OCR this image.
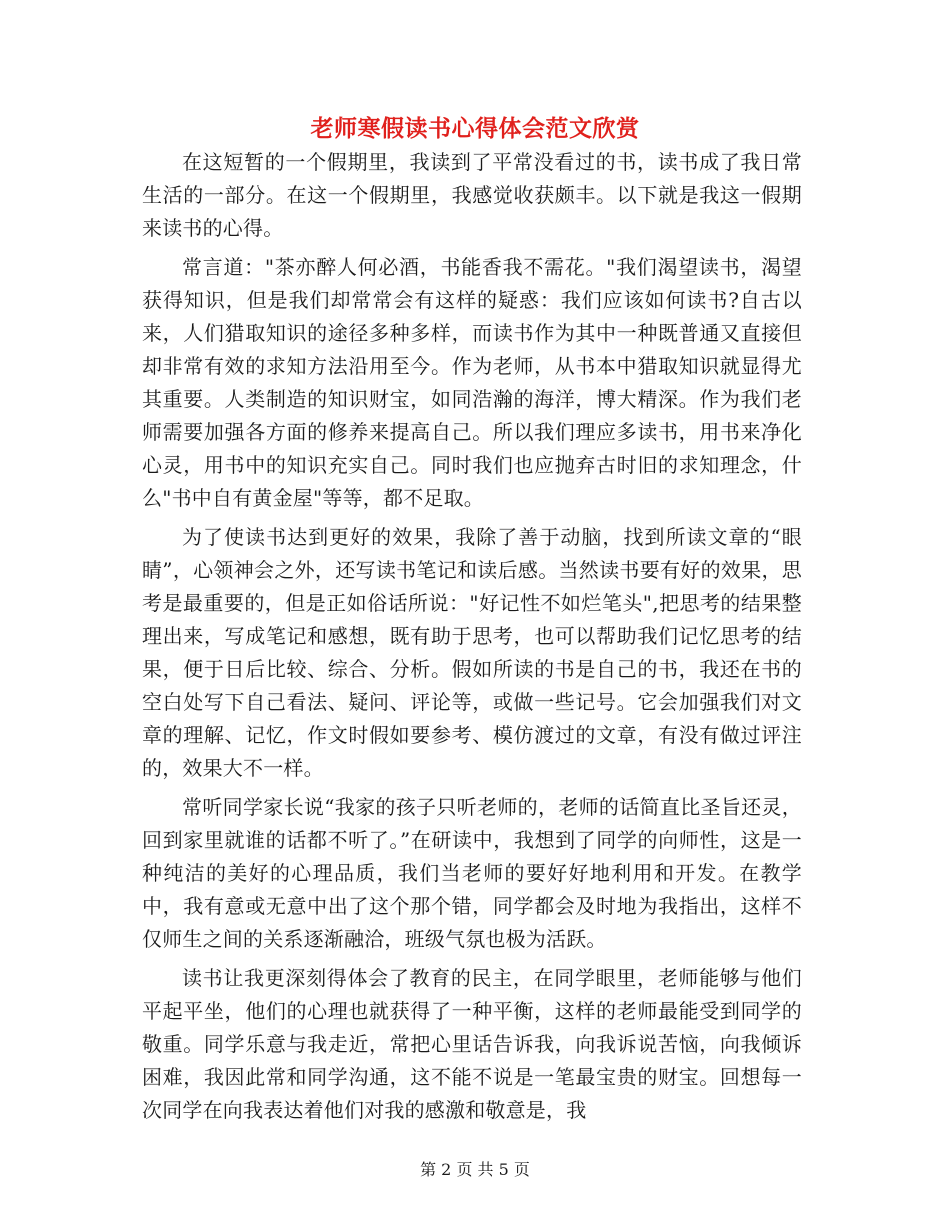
老师寒假读书心得体会范文欣赏

在这短暂的一个假期里，我读到了平常没看过的书，读书成了我日常生活的一部分。在这一个假期里，我感觉收获颇丰。以下就是我这一假期来读书的心得。

常言道："茶亦醉人何必酒，书能香我不需花。"我们渴望读书，渴望获得知识，但是我们却常常会有这样的疑惑：我们应该如何读书?自古以来，人们猎取知识的途径多种多样，而读书作为其中一种既普通又直接但却非常有效的求知方法沿用至今。作为老师，从书本中猎取知识就显得尤其重要。人类制造的知识财宝，如同浩瀚的海洋，博大精深。作为我们老师需要加强各方面的修养来提高自己。所以我们理应多读书，用书来净化心灵，用书中的知识充实自己。同时我们也应抛弃古时旧的求知理念，什么"书中自有黄金屋"等等，都不足取。

为了使读书达到更好的效果，我除了善于动脑，找到所读文章的“眼睛”，心领神会之外，还写读书笔记和读后感。当然读书要有好的效果，思考是最重要的，但是正如俗话所说："好记性不如烂笔头",把思考的结果整理出来，写成笔记和感想，既有助于思考，也可以帮助我们记忆思考的结果，便于日后比较、综合、分析。假如所读的书是自己的书，我还在书的空白处写下自己看法、疑问、评论等，或做一些记号。它会加强我们对文章的理解、记忆，作文时假如要参考、模仿渡过的文章，有没有做过评注的，效果大不一样。

常听同学家长说“我家的孩子只听老师的，老师的话简直比圣旨还灵，回到家里就谁的话都不听了。”在研读中，我想到了同学的向师性，这是一种纯洁的美好的心理品质，我们当老师的要好好地利用和开发。在教学中，我有意或无意中出了这个那个错，同学都会及时地为我指出，这样不仅师生之间的关系逐渐融洽，班级气氛也极为活跃。

读书让我更深刻得体会了教育的民主，在同学眼里，老师能够与他们平起平坐，他们的心理也就获得了一种平衡，这样的老师最能受到同学的敬重。同学乐意与我走近，常把心里话告诉我，向我诉说苦恼，向我倾诉困难，我因此常和同学沟通，这不能不说是一笔最宝贵的财宝。回想每一次同学在向我表达着他们对我的感激和敬意是，我

第 2 页 共 5 页
